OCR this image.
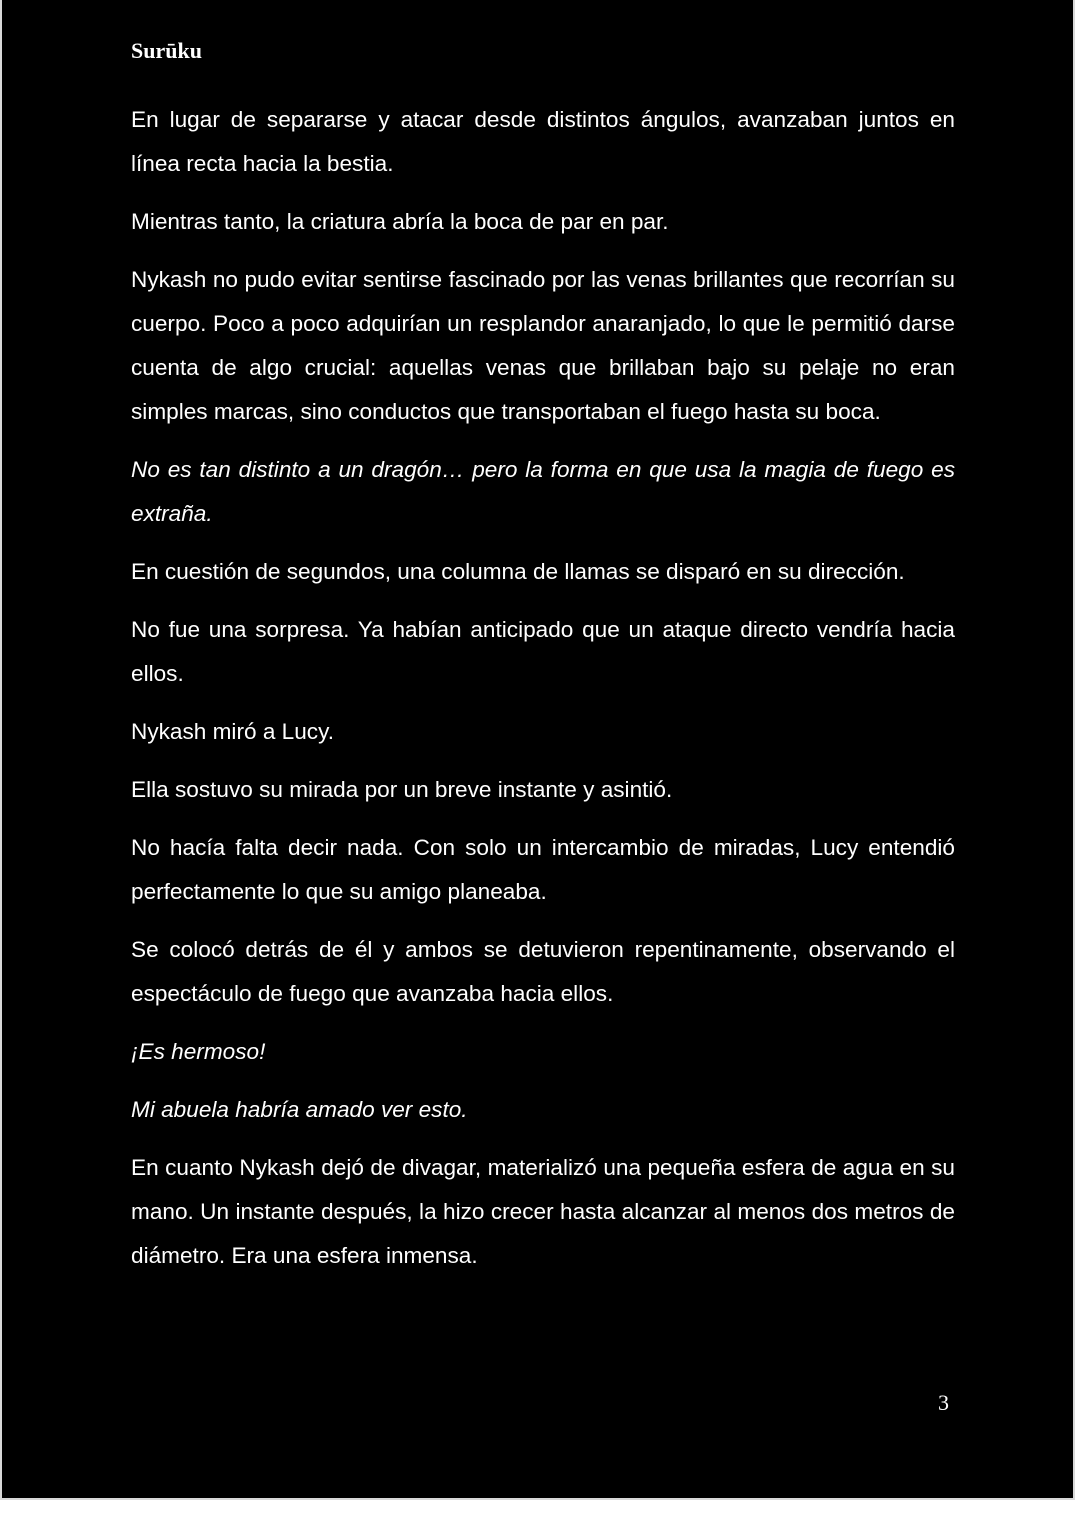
Surūku

En lugar de separarse y atacar desde distintos ángulos, avanzaban juntos en línea recta hacia la bestia.

Mientras tanto, la criatura abría la boca de par en par.

Nykash no pudo evitar sentirse fascinado por las venas brillantes que recorrían su cuerpo. Poco a poco adquirían un resplandor anaranjado, lo que le permitió darse cuenta de algo crucial: aquellas venas que brillaban bajo su pelaje no eran simples marcas, sino conductos que transportaban el fuego hasta su boca.

No es tan distinto a un dragón… pero la forma en que usa la magia de fuego es extraña.

En cuestión de segundos, una columna de llamas se disparó en su dirección.

No fue una sorpresa. Ya habían anticipado que un ataque directo vendría hacia ellos.

Nykash miró a Lucy.

Ella sostuvo su mirada por un breve instante y asintió.

No hacía falta decir nada. Con solo un intercambio de miradas, Lucy entendió perfectamente lo que su amigo planeaba.

Se colocó detrás de él y ambos se detuvieron repentinamente, observando el espectáculo de fuego que avanzaba hacia ellos.

¡Es hermoso!

Mi abuela habría amado ver esto.

En cuanto Nykash dejó de divagar, materializó una pequeña esfera de agua en su mano. Un instante después, la hizo crecer hasta alcanzar al menos dos metros de diámetro. Era una esfera inmensa.

3
